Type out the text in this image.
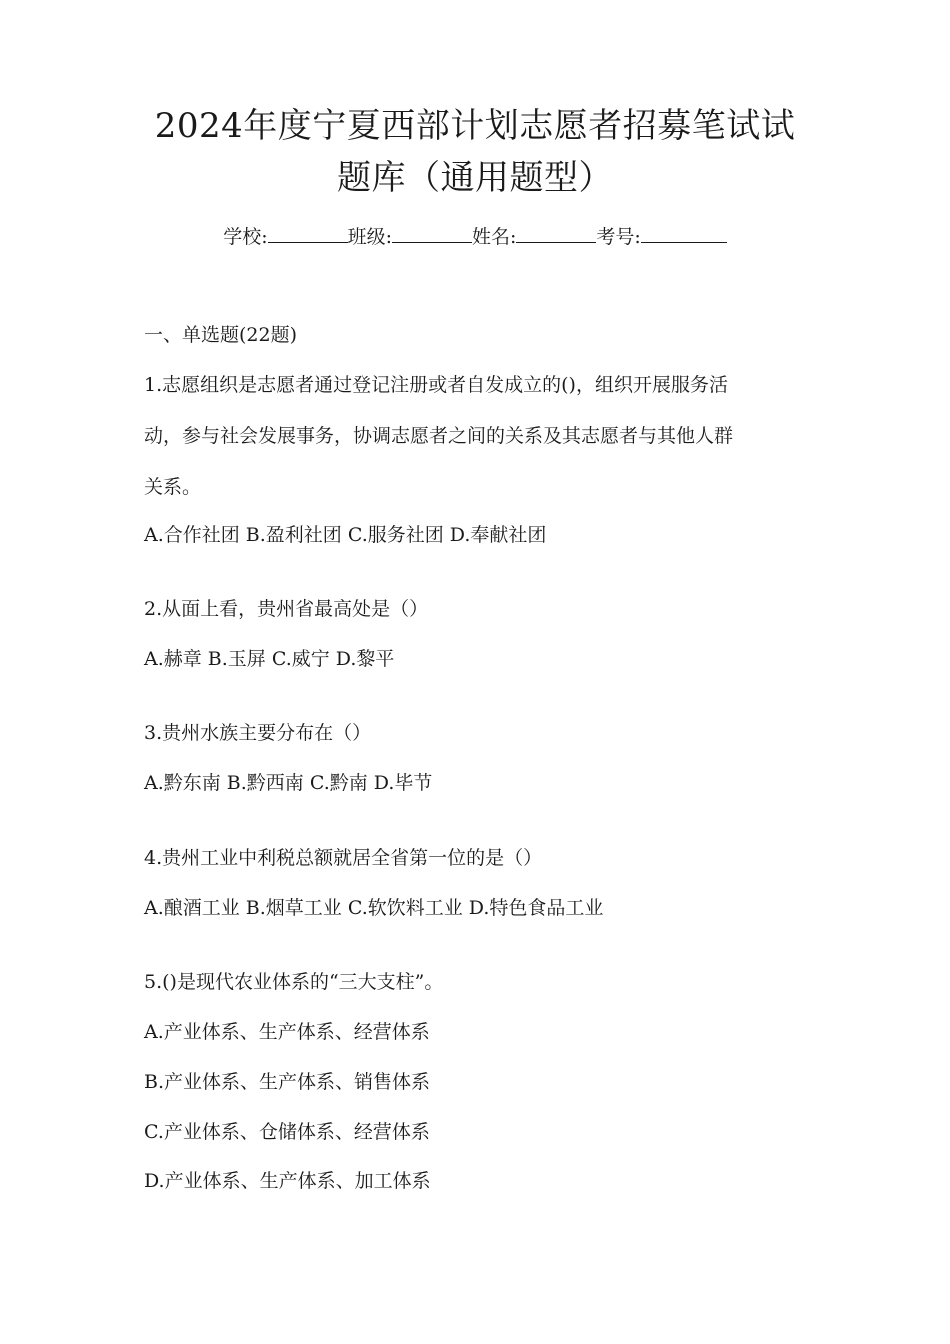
2024年度宁夏西部计划志愿者招募笔试试
题库（通用题型）
学校:	班级:	姓名:	考号:
一、单选题(22题)
1.志愿组织是志愿者通过登记注册或者自发成立的()，组织开展服务活
动，参与社会发展事务，协调志愿者之间的关系及其志愿者与其他人群
关系。
A.合作社团 B.盈利社团 C.服务社团 D.奉献社团
2.从面上看，贵州省最高处是（）
A.赫章 B.玉屏 C.威宁 D.黎平
3.贵州水族主要分布在（）
A.黔东南 B.黔西南 C.黔南 D.毕节
4.贵州工业中利税总额就居全省第一位的是（）
A.酿酒工业 B.烟草工业 C.软饮料工业 D.特色食品工业
5.()是现代农业体系的“三大支柱”。
A.产业体系、生产体系、经营体系
B.产业体系、生产体系、销售体系
C.产业体系、仓储体系、经营体系
D.产业体系、生产体系、加工体系
